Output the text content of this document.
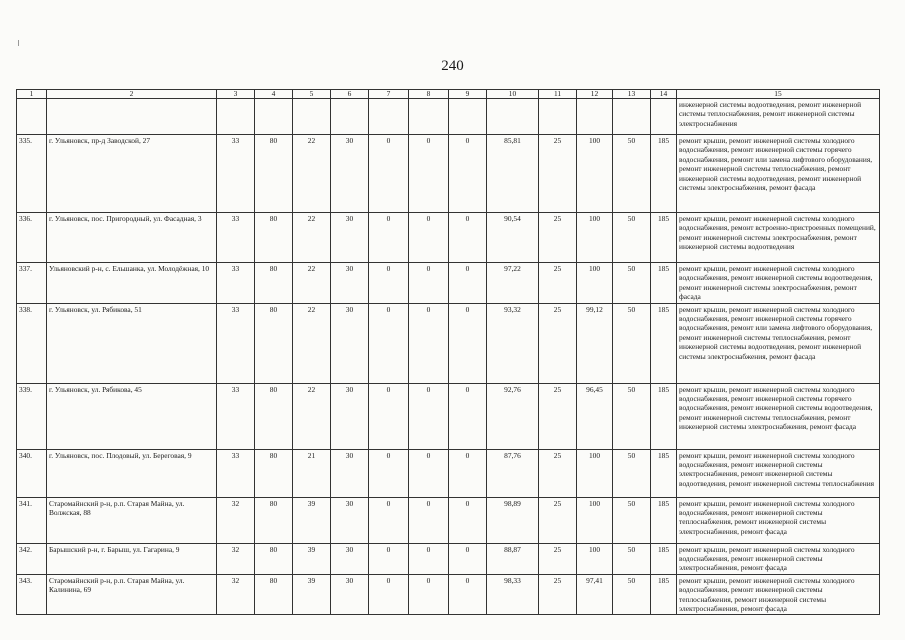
240
1	2	3	4	5	6	7	8	9	10	11	12	13	14	15
														инженерной системы водоотведения, ремонт инженерной системы теплоснабжения, ремонт инженерной системы электроснабжения
335.	г. Ульяновск, пр-д Заводской, 27	33	80	22	30	0	0	0	85,81	25	100	50	185	ремонт крыши, ремонт инженерной системы холодного водоснабжения, ремонт инженерной системы горячего водоснабжения, ремонт или замена лифтового оборудования, ремонт инженерной системы теплоснабжения, ремонт инженерной системы водоотведения, ремонт инженерной системы электроснабжения, ремонт фасада
336.	г. Ульяновск, пос. Пригородный, ул. Фасадная, 3	33	80	22	30	0	0	0	90,54	25	100	50	185	ремонт крыши, ремонт инженерной системы холодного водоснабжения, ремонт встроенно-пристроенных помещений, ремонт инженерной системы электроснабжения, ремонт инженерной системы водоотведения
337.	Ульяновский р-н, с. Ельшанка, ул. Молодёжная, 10	33	80	22	30	0	0	0	97,22	25	100	50	185	ремонт крыши, ремонт инженерной системы холодного водоснабжения, ремонт инженерной системы водоотведения, ремонт инженерной системы электроснабжения, ремонт фасада
338.	г. Ульяновск, ул. Рябикова, 51	33	80	22	30	0	0	0	93,32	25	99,12	50	185	ремонт крыши, ремонт инженерной системы холодного водоснабжения, ремонт инженерной системы горячего водоснабжения, ремонт или замена лифтового оборудования, ремонт инженерной системы теплоснабжения, ремонт инженерной системы водоотведения, ремонт инженерной системы электроснабжения, ремонт фасада
339.	г. Ульяновск, ул. Рябикова, 45	33	80	22	30	0	0	0	92,76	25	96,45	50	185	ремонт крыши, ремонт инженерной системы холодного водоснабжения, ремонт инженерной системы горячего водоснабжения, ремонт инженерной системы водоотведения, ремонт инженерной системы теплоснабжения, ремонт инженерной системы электроснабжения, ремонт фасада
340.	г. Ульяновск, пос. Плодовый, ул. Береговая, 9	33	80	21	30	0	0	0	87,76	25	100	50	185	ремонт крыши, ремонт инженерной системы холодного водоснабжения, ремонт инженерной системы электроснабжения, ремонт инженерной системы водоотведения, ремонт инженерной системы теплоснабжения
341.	Старомайнский р-н, р.п. Старая Майна, ул. Волжская, 88	32	80	39	30	0	0	0	98,89	25	100	50	185	ремонт крыши, ремонт инженерной системы холодного водоснабжения, ремонт инженерной системы теплоснабжения, ремонт инженерной системы электроснабжения, ремонт фасада
342.	Барышский р-н, г. Барыш, ул. Гагарина, 9	32	80	39	30	0	0	0	88,87	25	100	50	185	ремонт крыши, ремонт инженерной системы холодного водоснабжения, ремонт инженерной системы электроснабжения, ремонт фасада
343.	Старомайнский р-н, р.п. Старая Майна, ул. Калинина, 69	32	80	39	30	0	0	0	98,33	25	97,41	50	185	ремонт крыши, ремонт инженерной системы холодного водоснабжения, ремонт инженерной системы теплоснабжения, ремонт инженерной системы электроснабжения, ремонт фасада
